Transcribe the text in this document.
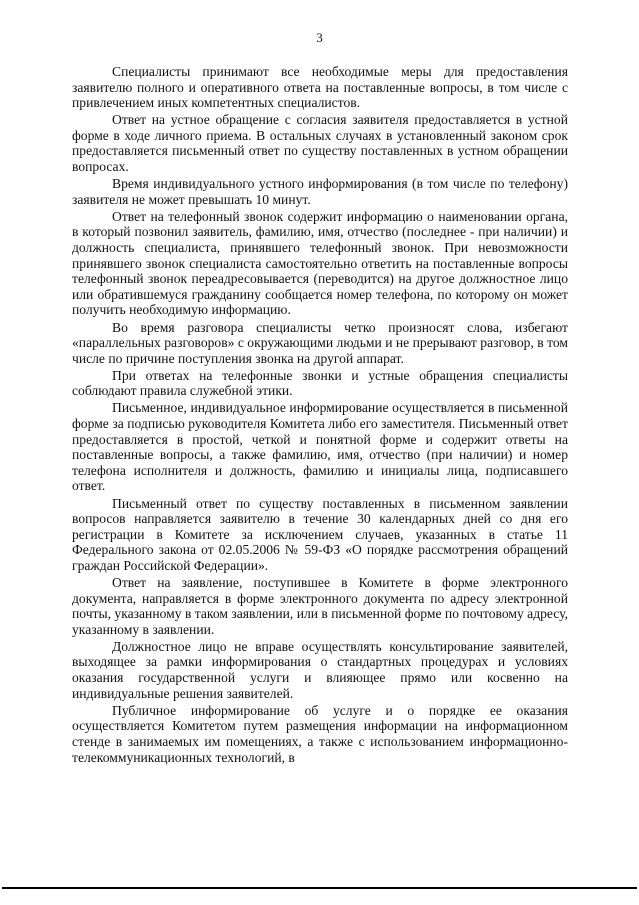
3

Специалисты принимают все необходимые меры для предоставления заявителю полного и оперативного ответа на поставленные вопросы, в том числе с привлечением иных компетентных специалистов.

Ответ на устное обращение с согласия заявителя предоставляется в устной форме в ходе личного приема. В остальных случаях в установленный законом срок предоставляется письменный ответ по существу поставленных в устном обращении вопросах.

Время индивидуального устного информирования (в том числе по телефону) заявителя не может превышать 10 минут.

Ответ на телефонный звонок содержит информацию о наименовании органа, в который позвонил заявитель, фамилию, имя, отчество (последнее - при наличии) и должность специалиста, принявшего телефонный звонок. При невозможности принявшего звонок специалиста самостоятельно ответить на поставленные вопросы телефонный звонок переадресовывается (переводится) на другое должностное лицо или обратившемуся гражданину сообщается номер телефона, по которому он может получить необходимую информацию.

Во время разговора специалисты четко произносят слова, избегают «параллельных разговоров» с окружающими людьми и не прерывают разговор, в том числе по причине поступления звонка на другой аппарат.

При ответах на телефонные звонки и устные обращения специалисты соблюдают правила служебной этики.

Письменное, индивидуальное информирование осуществляется в письменной форме за подписью руководителя Комитета либо его заместителя. Письменный ответ предоставляется в простой, четкой и понятной форме и содержит ответы на поставленные вопросы, а также фамилию, имя, отчество (при наличии) и номер телефона исполнителя и должность, фамилию и инициалы лица, подписавшего ответ.

Письменный ответ по существу поставленных в письменном заявлении вопросов направляется заявителю в течение 30 календарных дней со дня его регистрации в Комитете за исключением случаев, указанных в статье 11 Федерального закона от 02.05.2006 № 59-ФЗ «О порядке рассмотрения обращений граждан Российской Федерации».

Ответ на заявление, поступившее в Комитете в форме электронного документа, направляется в форме электронного документа по адресу электронной почты, указанному в таком заявлении, или в письменной форме по почтовому адресу, указанному в заявлении.

Должностное лицо не вправе осуществлять консультирование заявителей, выходящее за рамки информирования о стандартных процедурах и условиях оказания государственной услуги и влияющее прямо или косвенно на индивидуальные решения заявителей.

Публичное информирование об услуге и о порядке ее оказания осуществляется Комитетом путем размещения информации на информационном стенде в занимаемых им помещениях, а также с использованием информационно-телекоммуникационных технологий, в
